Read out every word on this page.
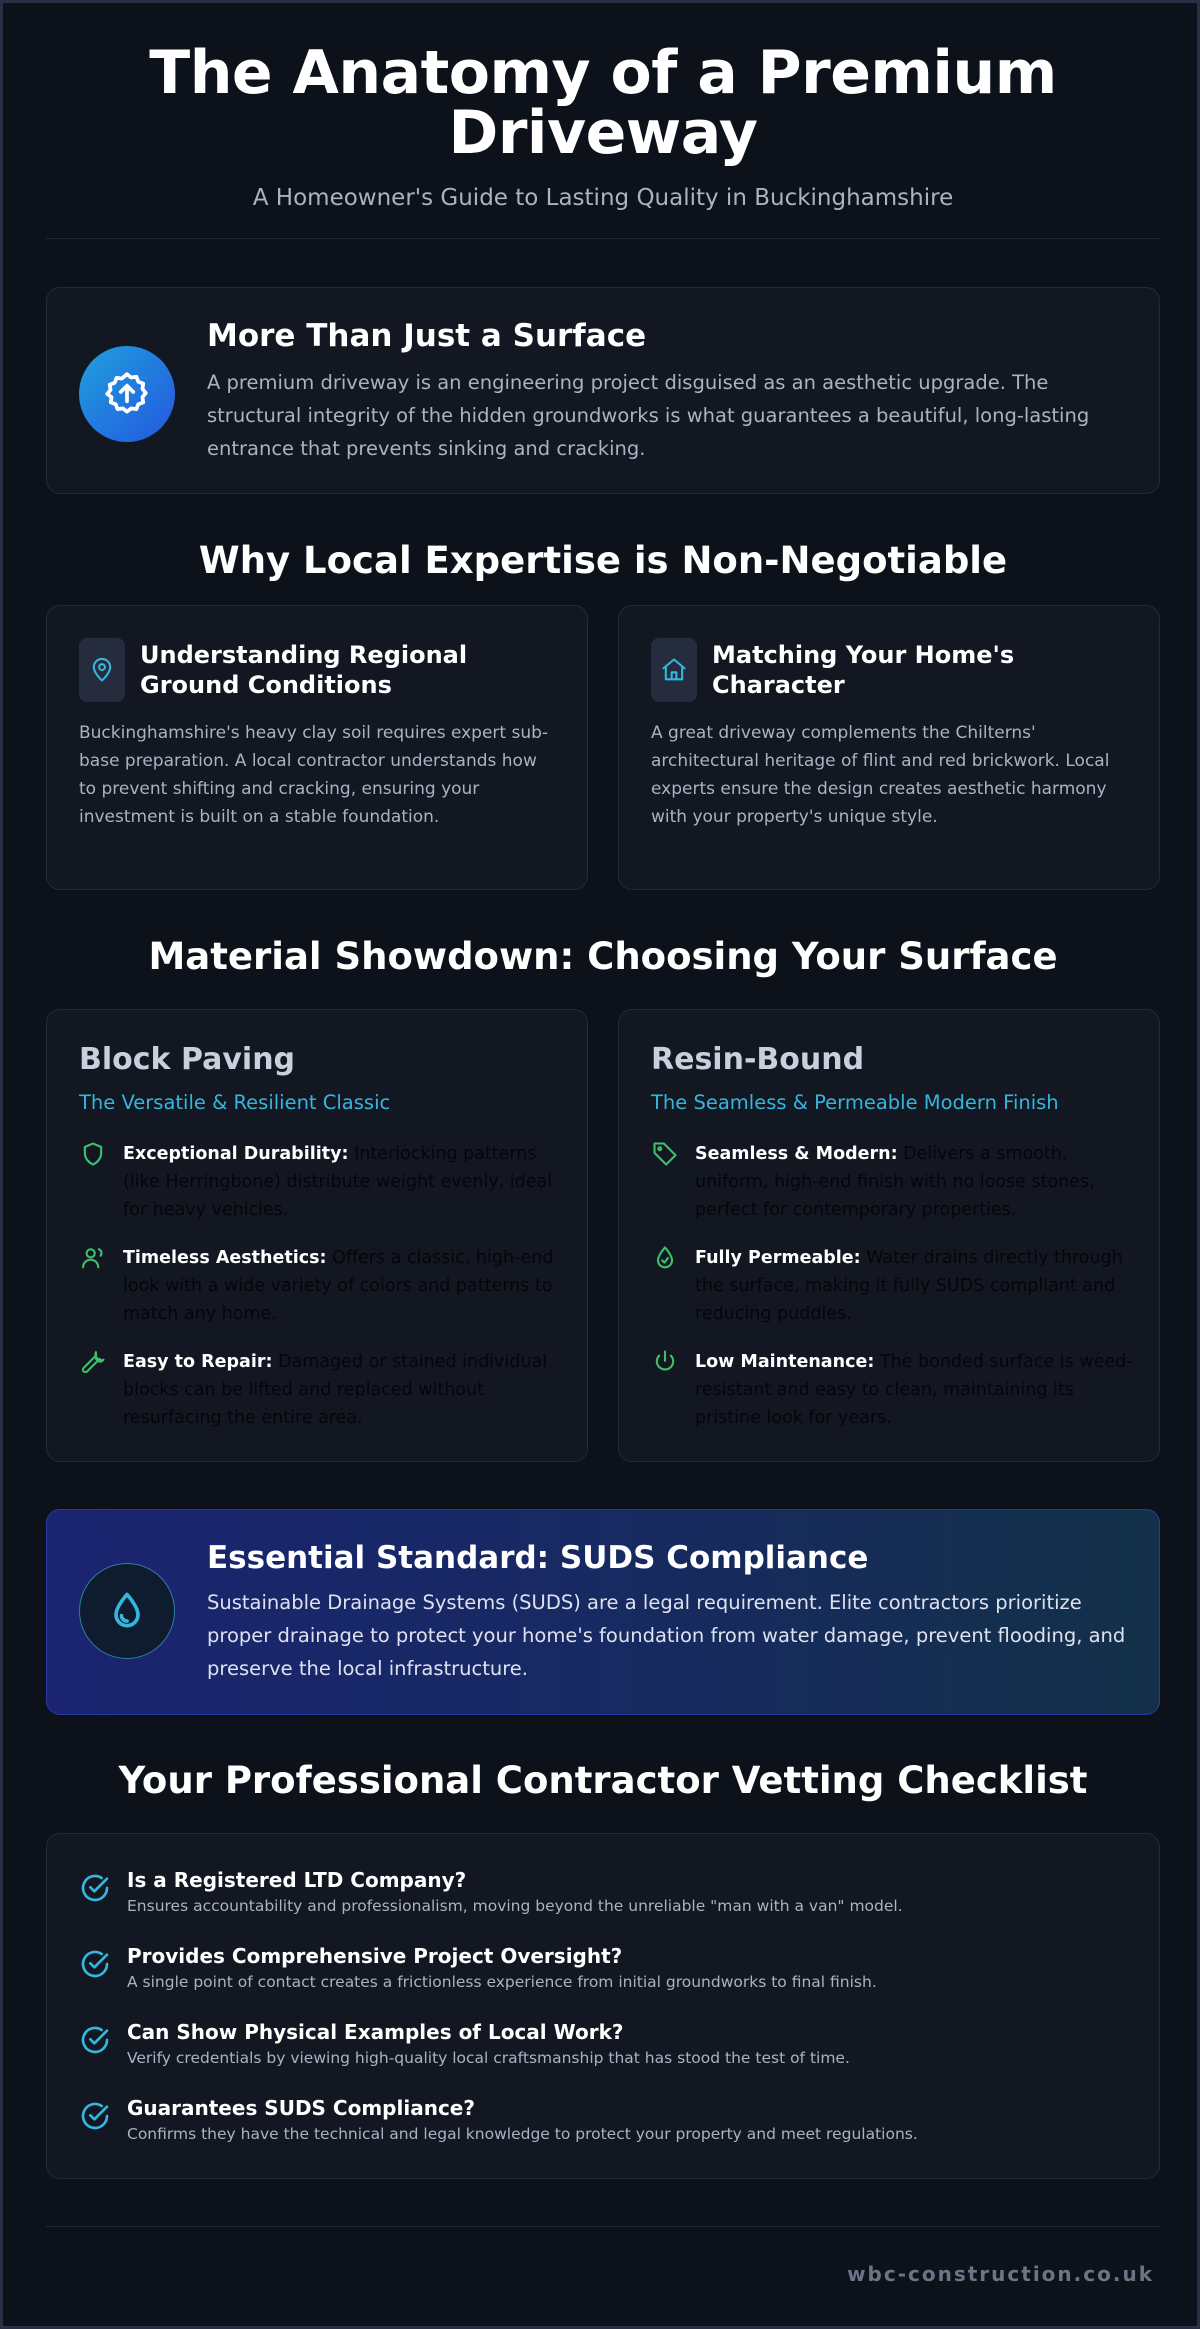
The Anatomy of a Premium Driveway
A Homeowner's Guide to Lasting Quality in Buckinghamshire
More Than Just a Surface

A premium driveway is an engineering project disguised as an aesthetic upgrade. The structural integrity of the hidden groundworks is what guarantees a beautiful, long-lasting entrance that prevents sinking and cracking.

Why Local Expertise is Non-Negotiable
Understanding Regional Ground Conditions

Buckinghamshire's heavy clay soil requires expert sub-base preparation. A local contractor understands how to prevent shifting and cracking, ensuring your investment is built on a stable foundation.

Matching Your Home's Character

A great driveway complements the Chilterns' architectural heritage of flint and red brickwork. Local experts ensure the design creates aesthetic harmony with your property's unique style.

Material Showdown: Choosing Your Surface
Block Paving
The Versatile & Resilient Classic
Exceptional Durability: Interlocking patterns (like Herringbone) distribute weight evenly, ideal for heavy vehicles.
Timeless Aesthetics: Offers a classic, high-end look with a wide variety of colors and patterns to match any home.
Easy to Repair: Damaged or stained individual blocks can be lifted and replaced without resurfacing the entire area.
Resin-Bound
The Seamless & Permeable Modern Finish
Seamless & Modern: Delivers a smooth, uniform, high-end finish with no loose stones, perfect for contemporary properties.
Fully Permeable: Water drains directly through the surface, making it fully SUDS compliant and reducing puddles.
Low Maintenance: The bonded surface is weed-resistant and easy to clean, maintaining its pristine look for years.
Essential Standard: SUDS Compliance

Sustainable Drainage Systems (SUDS) are a legal requirement. Elite contractors prioritize proper drainage to protect your home's foundation from water damage, prevent flooding, and preserve the local infrastructure.

Your Professional Contractor Vetting Checklist
Is a Registered LTD Company?
Ensures accountability and professionalism, moving beyond the unreliable "man with a van" model.
Provides Comprehensive Project Oversight?
A single point of contact creates a frictionless experience from initial groundworks to final finish.
Can Show Physical Examples of Local Work?
Verify credentials by viewing high-quality local craftsmanship that has stood the test of time.
Guarantees SUDS Compliance?
Confirms they have the technical and legal knowledge to protect your property and meet regulations.
wbc-construction.co.uk
